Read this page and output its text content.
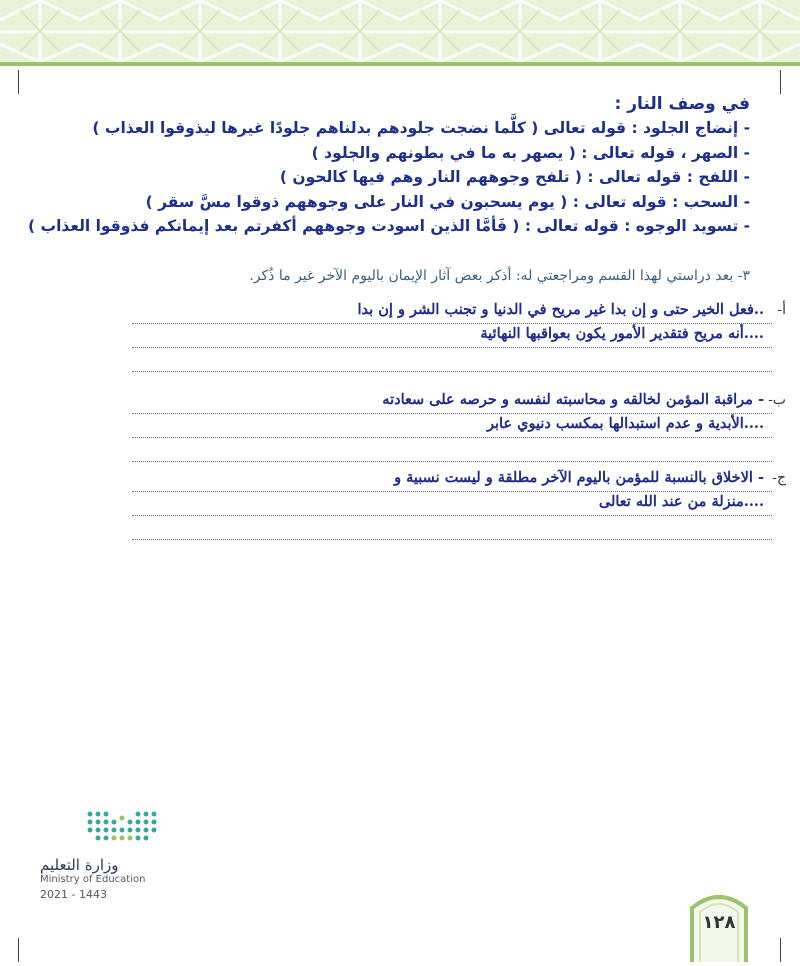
في وصف النار :
- إنضاج الجلود : قوله تعالى ( كلَّما نضجت جلودهم بدلناهم جلودًا غيرها ليذوقوا العذاب )
- الصهر ، قوله تعالى : ( يصهر به ما في بطونهم والجلود )
- اللفح : قوله تعالى : ( تلفح وجوههم النار وهم فيها كالحون )
- السحب : قوله تعالى : ( يوم يسحبون في النار على وجوههم ذوقوا مسَّ سقر )
- تسويد الوجوه : قوله تعالى : ( فَأمَّا الذين اسودت وجوههم أكفرتم بعد إيمانكم فذوقوا العذاب )
٣- بعد دراستي لهذا القسم ومراجعتي له: أذكر بعض آثار الإيمان باليوم الآخر غير ما ذُكر.
أ-
..فعل الخير حتى و إن بدا غير مريح في الدنيا و تجنب الشر و إن بدا
....أنه مريح فتقدير الأمور يكون بعواقبها النهائية
ب-
- مراقبة المؤمن لخالقه و محاسبته لنفسه و حرصه على سعادته
....الأبدية و عدم استبدالها بمكسب دنيوي عابر
ج-
- الاخلاق بالنسبة للمؤمن باليوم الآخر مطلقة و ليست نسبية و
....منزلة من عند الله تعالى
وزارة التعليم
Ministry of Education
2021 - 1443
١٢٨
